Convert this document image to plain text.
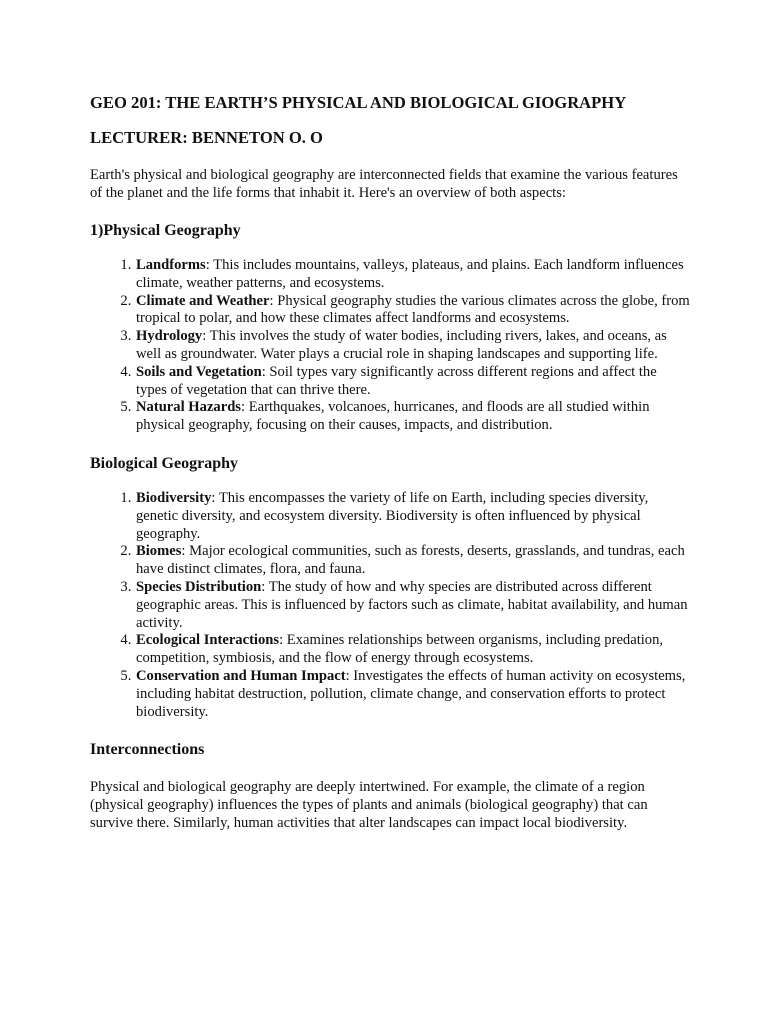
GEO 201: THE EARTH’S PHYSICAL AND BIOLOGICAL GIOGRAPHY
LECTURER: BENNETON O. O

Earth's physical and biological geography are interconnected fields that examine the various features of the planet and the life forms that inhabit it. Here's an overview of both aspects:

1)Physical Geography
1. Landforms: This includes mountains, valleys, plateaus, and plains. Each landform influences climate, weather patterns, and ecosystems.
2. Climate and Weather: Physical geography studies the various climates across the globe, from tropical to polar, and how these climates affect landforms and ecosystems.
3. Hydrology: This involves the study of water bodies, including rivers, lakes, and oceans, as well as groundwater. Water plays a crucial role in shaping landscapes and supporting life.
4. Soils and Vegetation: Soil types vary significantly across different regions and affect the types of vegetation that can thrive there.
5. Natural Hazards: Earthquakes, volcanoes, hurricanes, and floods are all studied within physical geography, focusing on their causes, impacts, and distribution.
Biological Geography
1. Biodiversity: This encompasses the variety of life on Earth, including species diversity, genetic diversity, and ecosystem diversity. Biodiversity is often influenced by physical geography.
2. Biomes: Major ecological communities, such as forests, deserts, grasslands, and tundras, each have distinct climates, flora, and fauna.
3. Species Distribution: The study of how and why species are distributed across different geographic areas. This is influenced by factors such as climate, habitat availability, and human activity.
4. Ecological Interactions: Examines relationships between organisms, including predation, competition, symbiosis, and the flow of energy through ecosystems.
5. Conservation and Human Impact: Investigates the effects of human activity on ecosystems, including habitat destruction, pollution, climate change, and conservation efforts to protect biodiversity.
Interconnections

Physical and biological geography are deeply intertwined. For example, the climate of a region (physical geography) influences the types of plants and animals (biological geography) that can survive there. Similarly, human activities that alter landscapes can impact local biodiversity.
